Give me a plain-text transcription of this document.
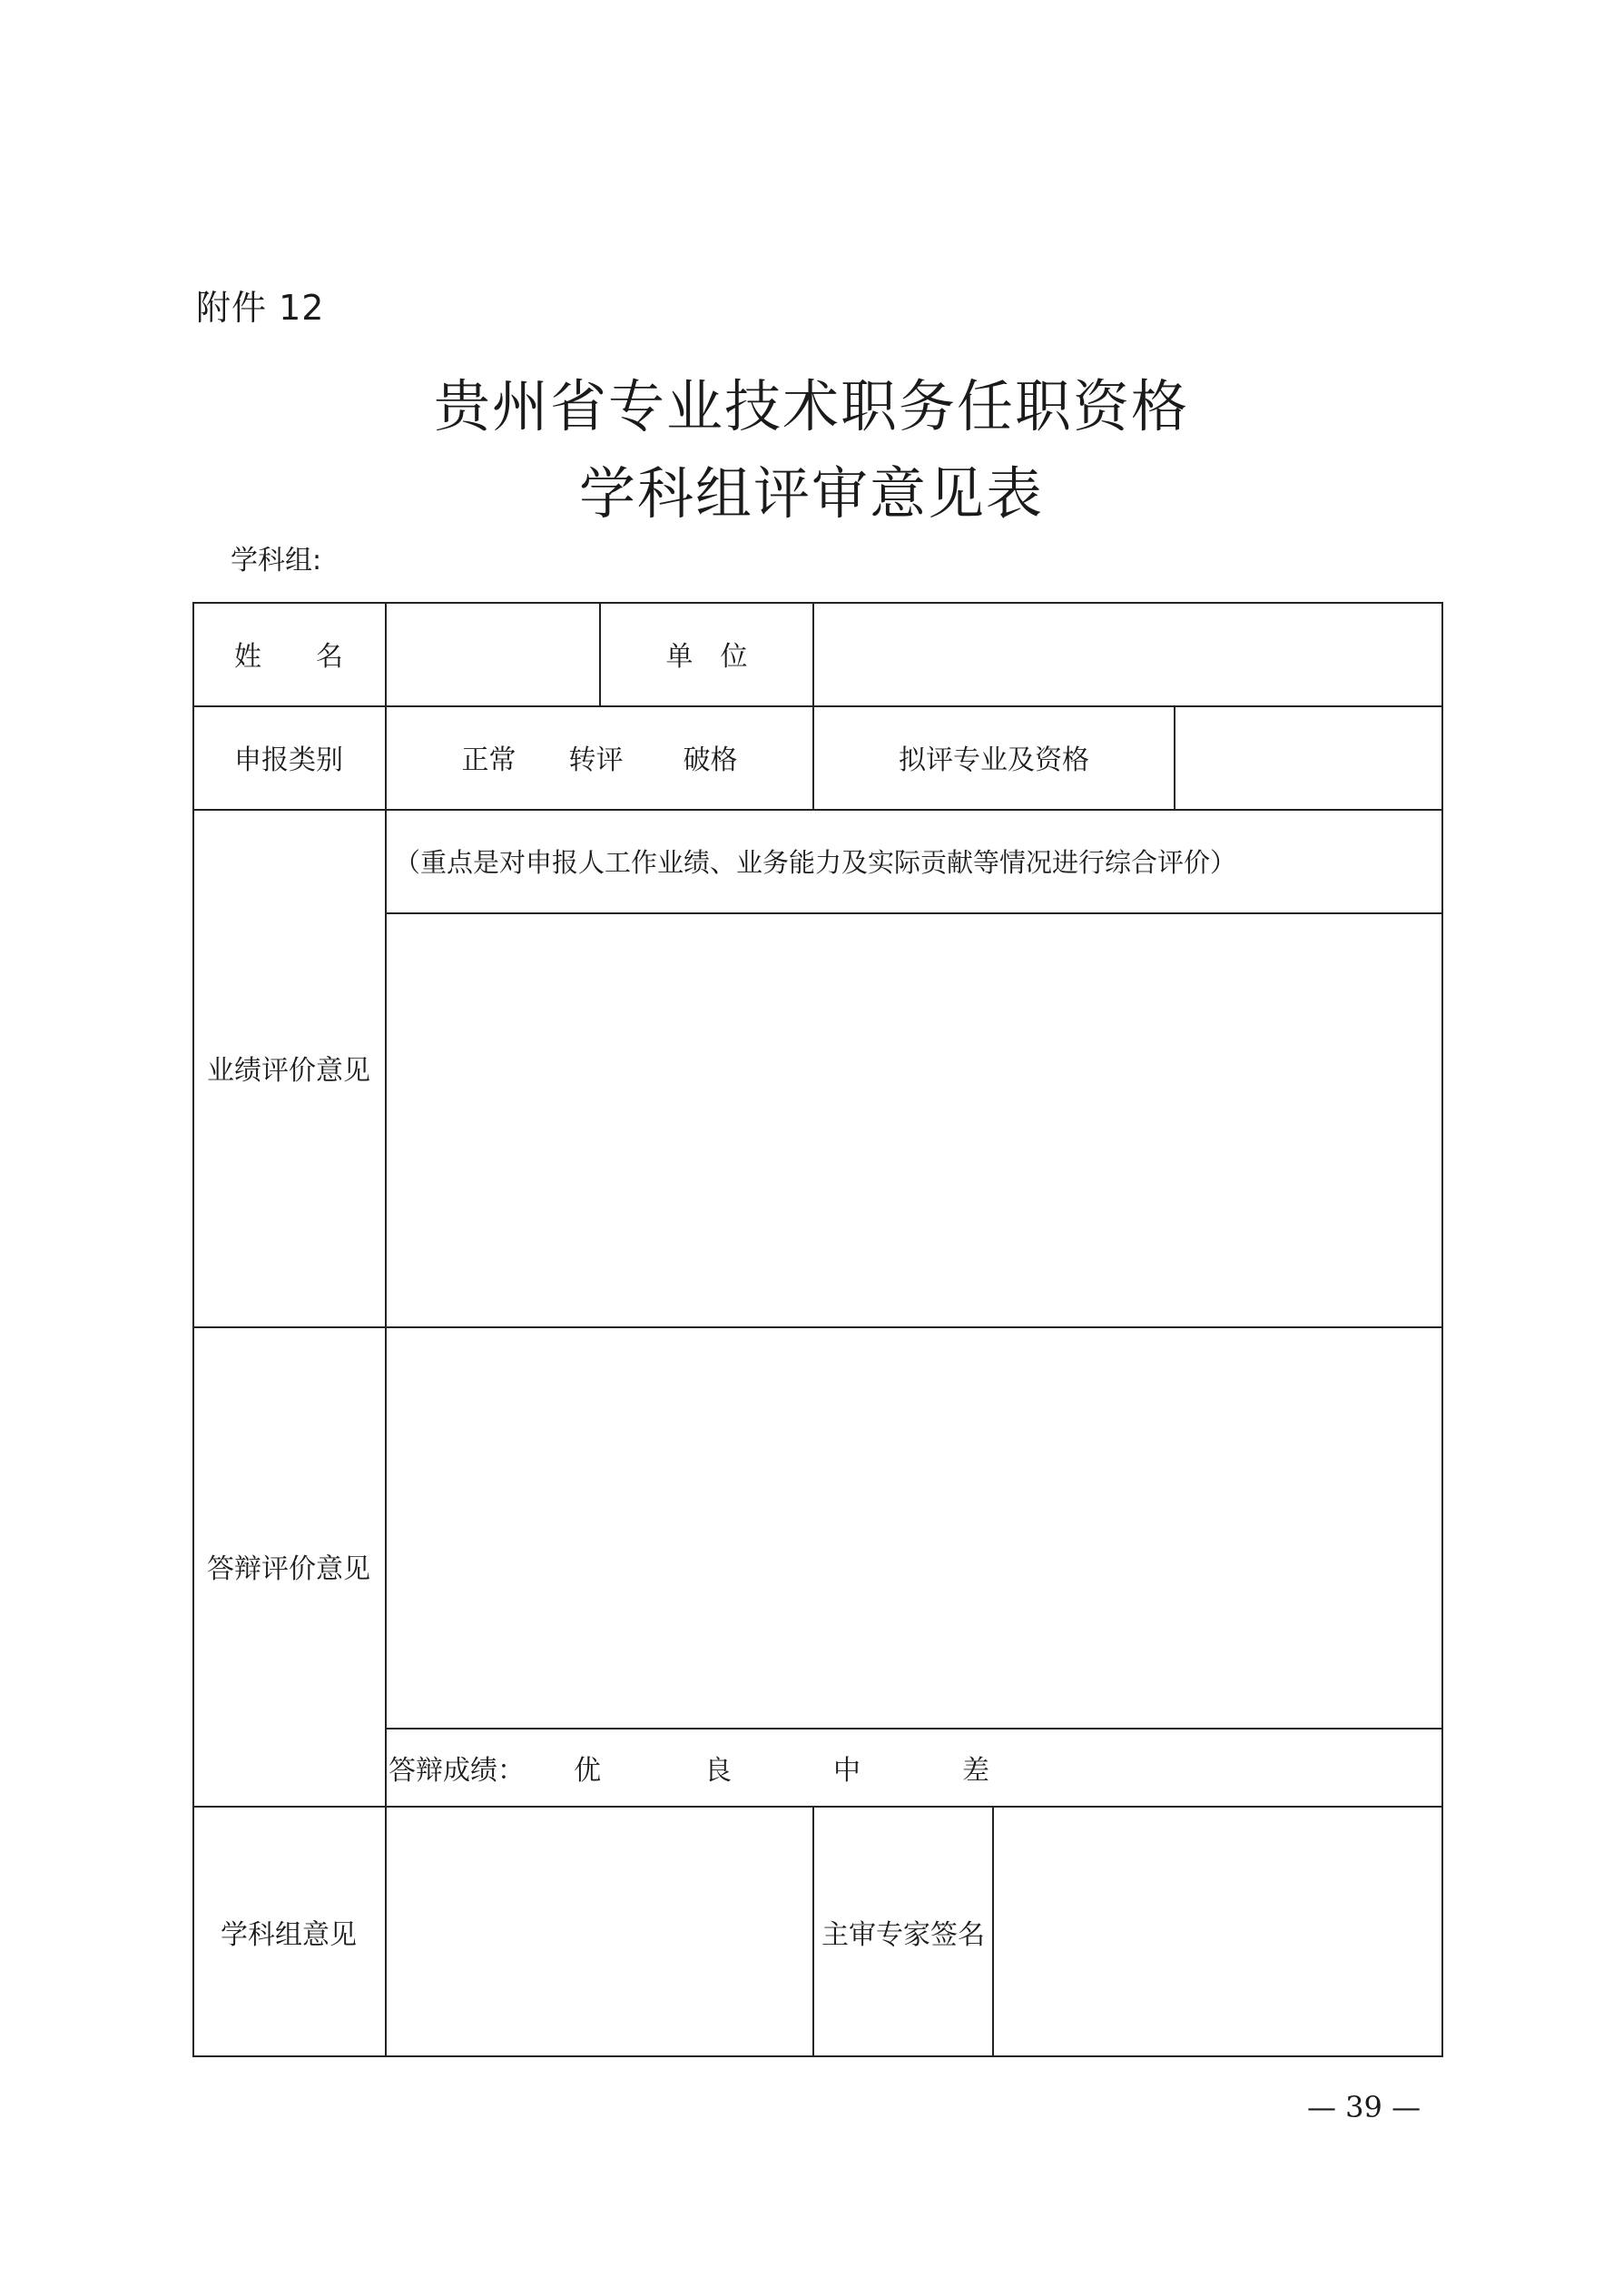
附件 12
贵州省专业技术职务任职资格
学科组评审意见表
学科组:
姓　　名	单　位
申报类别	正常 转评 破格	拟评专业及资格
业绩评价意见
（重点是对申报人工作业绩、业务能力及实际贡献等情况进行综合评价）
答辩评价意见
答辩成绩： 优	良	中	差
学科组意见	主审专家签名
— 39 —
